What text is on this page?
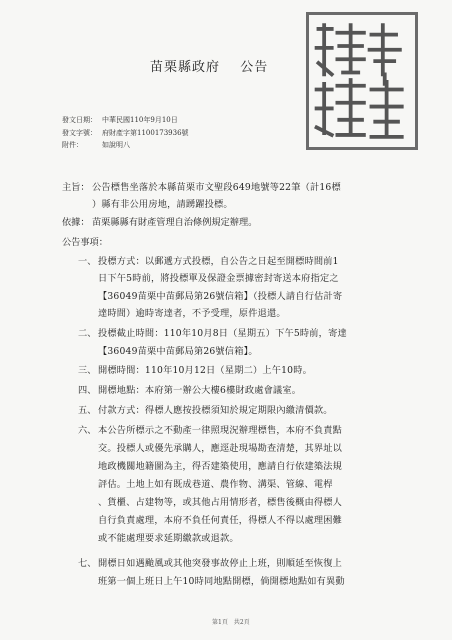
苗栗縣政府 公告
發文日期： 中華民國110年9月10日
發文字號： 府財產字第1100173936號
附件：	如說明八
主旨： 公告標售坐落於本縣苗栗市文聖段649地號等22筆（計16標
）縣有非公用房地，請踴躍投標。
依據： 苗栗縣縣有財產管理自治條例規定辦理。
公告事項：
一、 投標方式：以郵遞方式投標，自公告之日起至開標時間前1
日下午5時前，將投標單及保證金票據密封寄送本府指定之
【36049苗栗中苗郵局第26號信箱】（投標人請自行估計寄
達時間）逾時寄達者，不予受理，原件退還。
二、 投標截止時間：110年10月8日（星期五）下午5時前，寄達
【36049苗栗中苗郵局第26號信箱】。
三、 開標時間：110年10月12日（星期二）上午10時。
四、 開標地點：本府第一辦公大樓6樓財政處會議室。
五、 付款方式：得標人應按投標須知於規定期限內繳清價款。
六、 本公告所標示之不動產一律照現況辦理標售，本府不負責點
交。投標人或優先承購人，應逕赴現場勘查清楚，其界址以
地政機關地籍圖為主，得否建築使用，應請自行依建築法規
評估。土地上如有既成巷道、農作物、溝渠、管線、電桿
、貨櫃、占建物等，或其他占用情形者，標售後概由得標人
自行負責處理，本府不負任何責任，得標人不得以處理困難
或不能處理要求延期繳款或退款。
七、 開標日如遇颱風或其他突發事故停止上班，則順延至恢復上
班第一個上班日上午10時同地點開標，倘開標地點如有異動
第1頁　共2頁
